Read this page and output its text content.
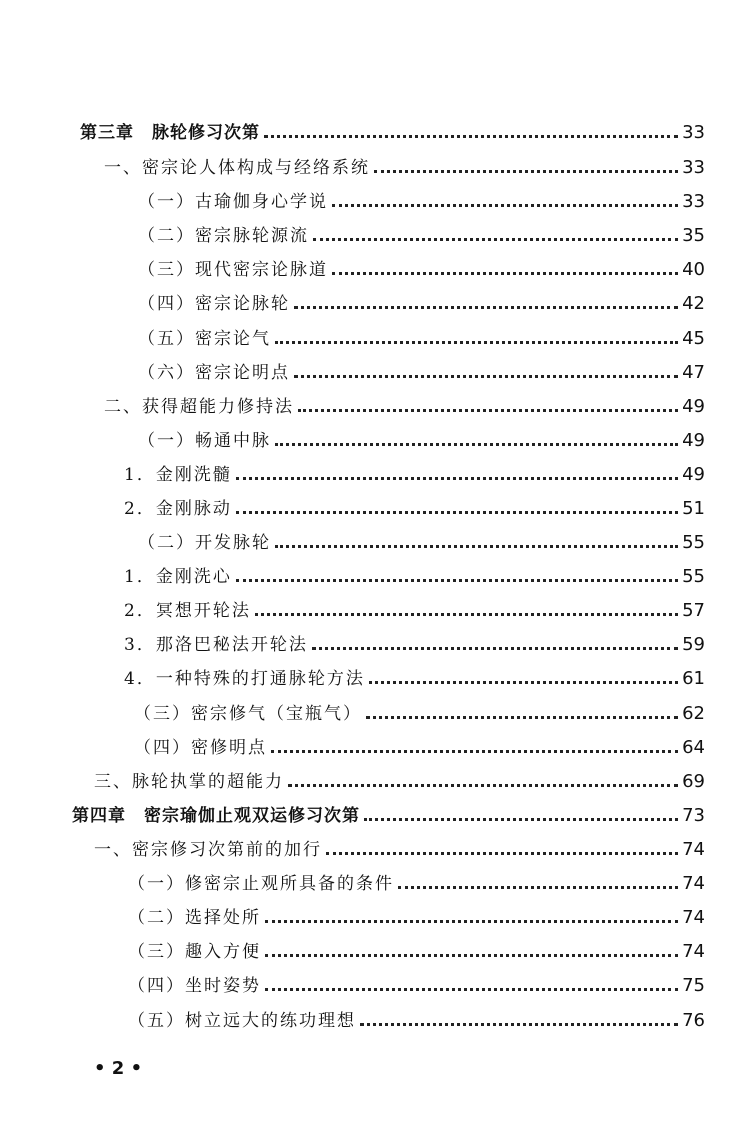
第三章　脉轮修习次第	33
一、密宗论人体构成与经络系统	33
（一）古瑜伽身心学说	33
（二）密宗脉轮源流	35
（三）现代密宗论脉道	40
（四）密宗论脉轮	42
（五）密宗论气	45
（六）密宗论明点	47
二、获得超能力修持法	49
（一）畅通中脉	49
1．金刚洗髓	49
2．金刚脉动	51
（二）开发脉轮	55
1．金刚洗心	55
2．冥想开轮法	57
3．那洛巴秘法开轮法	59
4．一种特殊的打通脉轮方法	61
（三）密宗修气（宝瓶气）	62
（四）密修明点	64
三、脉轮执掌的超能力	69
第四章　密宗瑜伽止观双运修习次第	73
一、密宗修习次第前的加行	74
（一）修密宗止观所具备的条件	74
（二）选择处所	74
（三）趣入方便	74
（四）坐时姿势	75
（五）树立远大的练功理想	76
• 2 •
